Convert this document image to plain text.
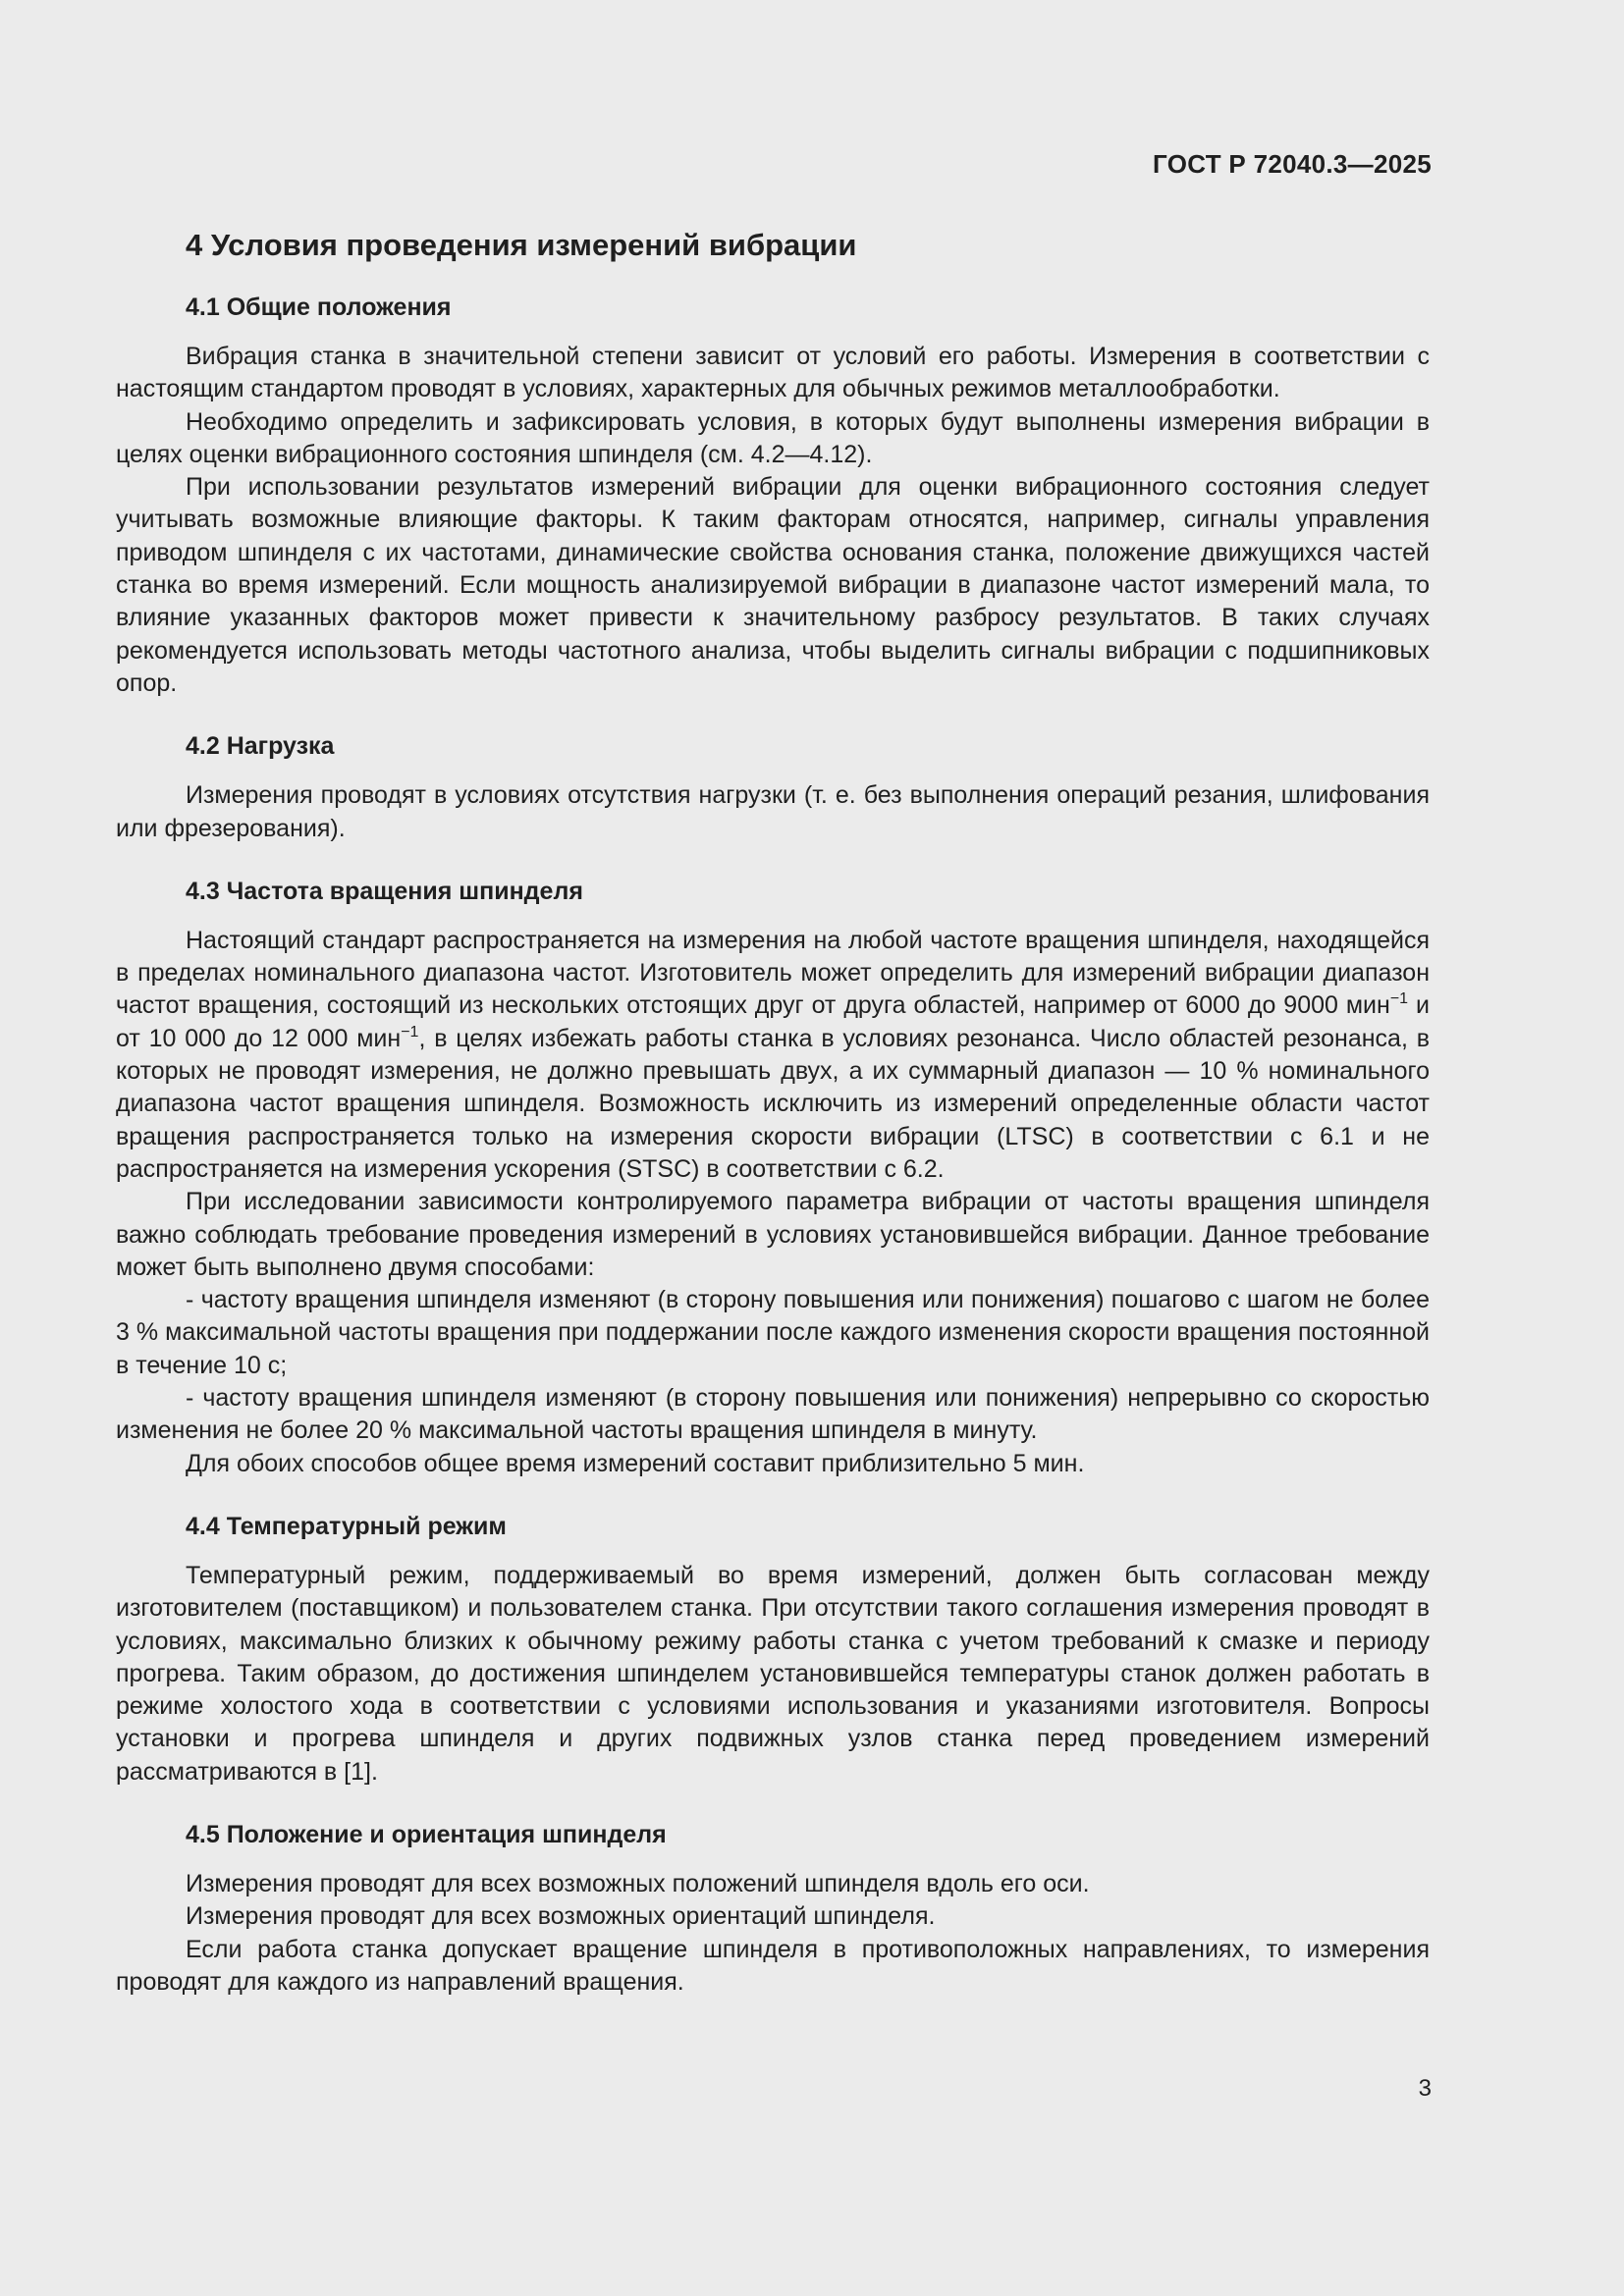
ГОСТ Р 72040.3—2025
4 Условия проведения измерений вибрации
4.1 Общие положения

Вибрация станка в значительной степени зависит от условий его работы. Измерения в соответствии с настоящим стандартом проводят в условиях, характерных для обычных режимов металлообработки.

Необходимо определить и зафиксировать условия, в которых будут выполнены измерения вибрации в целях оценки вибрационного состояния шпинделя (см. 4.2—4.12).

При использовании результатов измерений вибрации для оценки вибрационного состояния следует учитывать возможные влияющие факторы. К таким факторам относятся, например, сигналы управления приводом шпинделя с их частотами, динамические свойства основания станка, положение движущихся частей станка во время измерений. Если мощность анализируемой вибрации в диапазоне частот измерений мала, то влияние указанных факторов может привести к значительному разбросу результатов. В таких случаях рекомендуется использовать методы частотного анализа, чтобы выделить сигналы вибрации с подшипниковых опор.

4.2 Нагрузка

Измерения проводят в условиях отсутствия нагрузки (т. е. без выполнения операций резания, шлифования или фрезерования).

4.3 Частота вращения шпинделя

Настоящий стандарт распространяется на измерения на любой частоте вращения шпинделя, находящейся в пределах номинального диапазона частот. Изготовитель может определить для измерений вибрации диапазон частот вращения, состоящий из нескольких отстоящих друг от друга областей, например от 6000 до 9000 мин$^{-1}$ и от 10 000 до 12 000 мин$^{-1}$, в целях избежать работы станка в условиях резонанса. Число областей резонанса, в которых не проводят измерения, не должно превышать двух, а их суммарный диапазон — 10 % номинального диапазона частот вращения шпинделя. Возможность исключить из измерений определенные области частот вращения распространяется только на измерения скорости вибрации (LTSC) в соответствии с 6.1 и не распространяется на измерения ускорения (STSC) в соответствии с 6.2.

При исследовании зависимости контролируемого параметра вибрации от частоты вращения шпинделя важно соблюдать требование проведения измерений в условиях установившейся вибрации. Данное требование может быть выполнено двумя способами:

- частоту вращения шпинделя изменяют (в сторону повышения или понижения) пошагово с шагом не более 3 % максимальной частоты вращения при поддержании после каждого изменения скорости вращения постоянной в течение 10 с;

- частоту вращения шпинделя изменяют (в сторону повышения или понижения) непрерывно со скоростью изменения не более 20 % максимальной частоты вращения шпинделя в минуту.

Для обоих способов общее время измерений составит приблизительно 5 мин.

4.4 Температурный режим

Температурный режим, поддерживаемый во время измерений, должен быть согласован между изготовителем (поставщиком) и пользователем станка. При отсутствии такого соглашения измерения проводят в условиях, максимально близких к обычному режиму работы станка с учетом требований к смазке и периоду прогрева. Таким образом, до достижения шпинделем установившейся температуры станок должен работать в режиме холостого хода в соответствии с условиями использования и указаниями изготовителя. Вопросы установки и прогрева шпинделя и других подвижных узлов станка перед проведением измерений рассматриваются в [1].

4.5 Положение и ориентация шпинделя

Измерения проводят для всех возможных положений шпинделя вдоль его оси.

Измерения проводят для всех возможных ориентаций шпинделя.

Если работа станка допускает вращение шпинделя в противоположных направлениях, то измерения проводят для каждого из направлений вращения.

3
